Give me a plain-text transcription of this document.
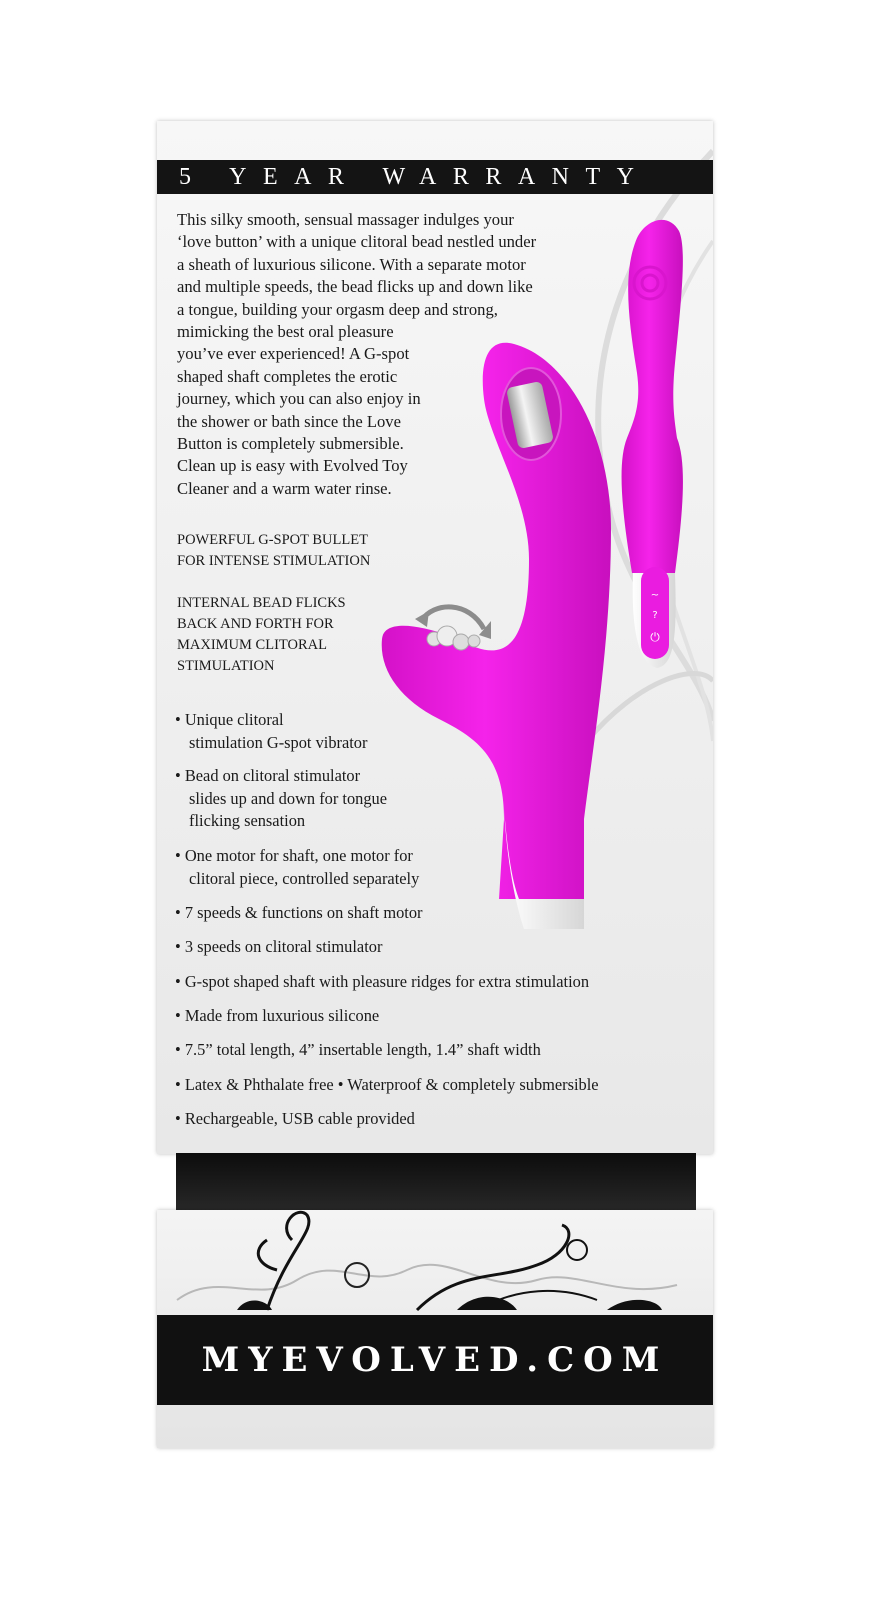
5 YEAR WARRANTY

This silky smooth, sensual massager indulges your
‘love button’ with a unique clitoral bead nestled under
a sheath of luxurious silicone. With a separate motor
and multiple speeds, the bead flicks up and down like
a tongue, building your orgasm deep and strong,
mimicking the best oral pleasure
you’ve ever experienced! A G-spot
shaped shaft completes the erotic
journey, which you can also enjoy in
the shower or bath since the Love
Button is completely submersible.
Clean up is easy with Evolved Toy
Cleaner and a warm water rinse.

POWERFUL G-SPOT BULLET
FOR INTENSE STIMULATION
INTERNAL BEAD FLICKS
BACK AND FORTH FOR
MAXIMUM CLITORAL
STIMULATION
~
?
⏻
• Unique clitoral
stimulation G-spot vibrator
• Bead on clitoral stimulator
slides up and down for tongue
flicking sensation
• One motor for shaft, one motor for
clitoral piece, controlled separately
• 7 speeds & functions on shaft motor
• 3 speeds on clitoral stimulator
• G-spot shaped shaft with pleasure ridges for extra stimulation
• Made from luxurious silicone
• 7.5” total length, 4” insertable length, 1.4” shaft width
• Latex & Phthalate free • Waterproof & completely submersible
• Rechargeable, USB cable provided
MYEVOLVED.COM
